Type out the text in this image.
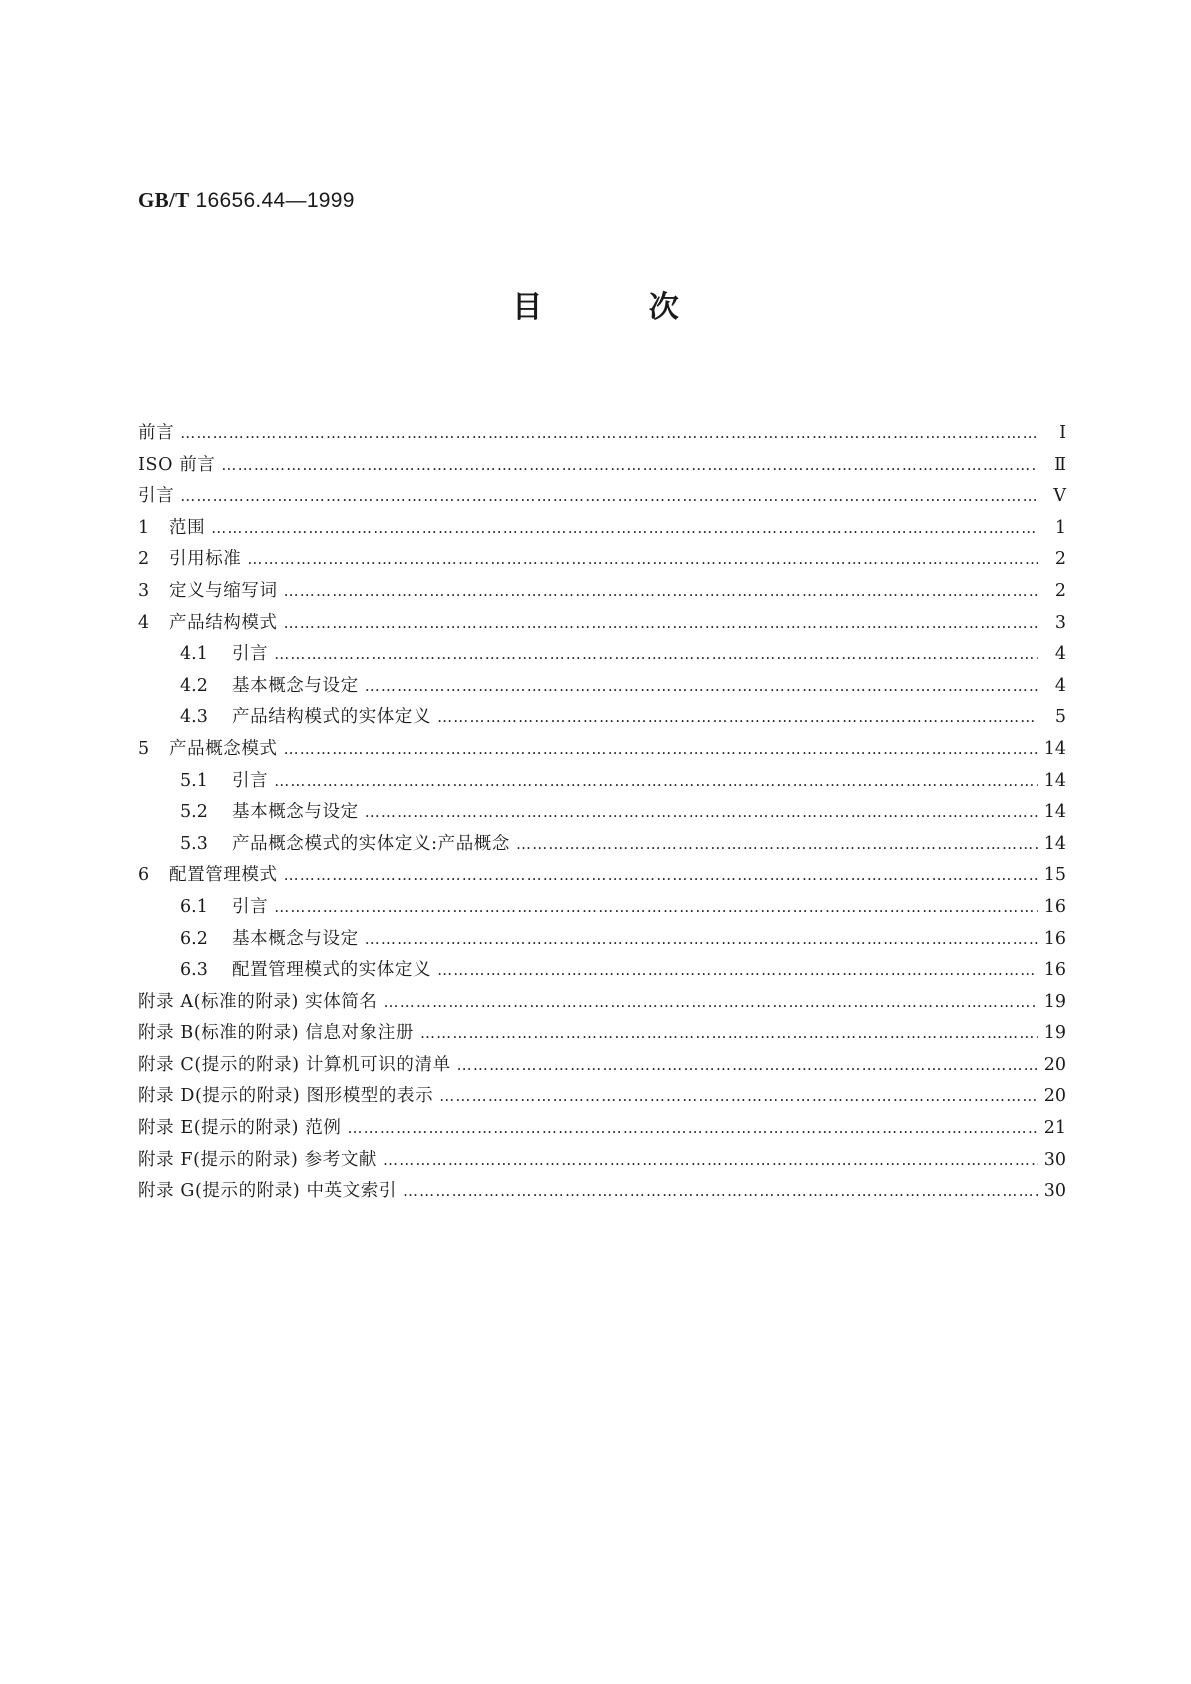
GB/T 16656.44—1999
目 次
前言 ……………………………………………………………………………………………………………………………………………………………………	Ⅰ
ISO 前言 ……………………………………………………………………………………………………………………………………………………………………	Ⅱ
引言 ……………………………………………………………………………………………………………………………………………………………………	Ⅴ
1	范围 ……………………………………………………………………………………………………………………………………………………………………	1
2	引用标准 ……………………………………………………………………………………………………………………………………………………………………	2
3	定义与缩写词 ……………………………………………………………………………………………………………………………………………………………………	2
4	产品结构模式 ……………………………………………………………………………………………………………………………………………………………………	3
4.1	引言 ……………………………………………………………………………………………………………………………………………………………………	4
4.2	基本概念与设定 ……………………………………………………………………………………………………………………………………………………………………	4
4.3	产品结构模式的实体定义 ……………………………………………………………………………………………………………………………………………………………………	5
5	产品概念模式 ……………………………………………………………………………………………………………………………………………………………………	14
5.1	引言 ……………………………………………………………………………………………………………………………………………………………………	14
5.2	基本概念与设定 ……………………………………………………………………………………………………………………………………………………………………	14
5.3	产品概念模式的实体定义:产品概念 ……………………………………………………………………………………………………………………………………………………………………	14
6	配置管理模式 ……………………………………………………………………………………………………………………………………………………………………	15
6.1	引言 ……………………………………………………………………………………………………………………………………………………………………	16
6.2	基本概念与设定 ……………………………………………………………………………………………………………………………………………………………………	16
6.3	配置管理模式的实体定义 ……………………………………………………………………………………………………………………………………………………………………	16
附录 A(标准的附录) 实体简名 ……………………………………………………………………………………………………………………………………………………………………	19
附录 B(标准的附录) 信息对象注册 ……………………………………………………………………………………………………………………………………………………………………	19
附录 C(提示的附录) 计算机可识的清单 ……………………………………………………………………………………………………………………………………………………………………	20
附录 D(提示的附录) 图形模型的表示 ……………………………………………………………………………………………………………………………………………………………………	20
附录 E(提示的附录) 范例 ……………………………………………………………………………………………………………………………………………………………………	21
附录 F(提示的附录) 参考文献 ……………………………………………………………………………………………………………………………………………………………………	30
附录 G(提示的附录) 中英文索引 ……………………………………………………………………………………………………………………………………………………………………	30
